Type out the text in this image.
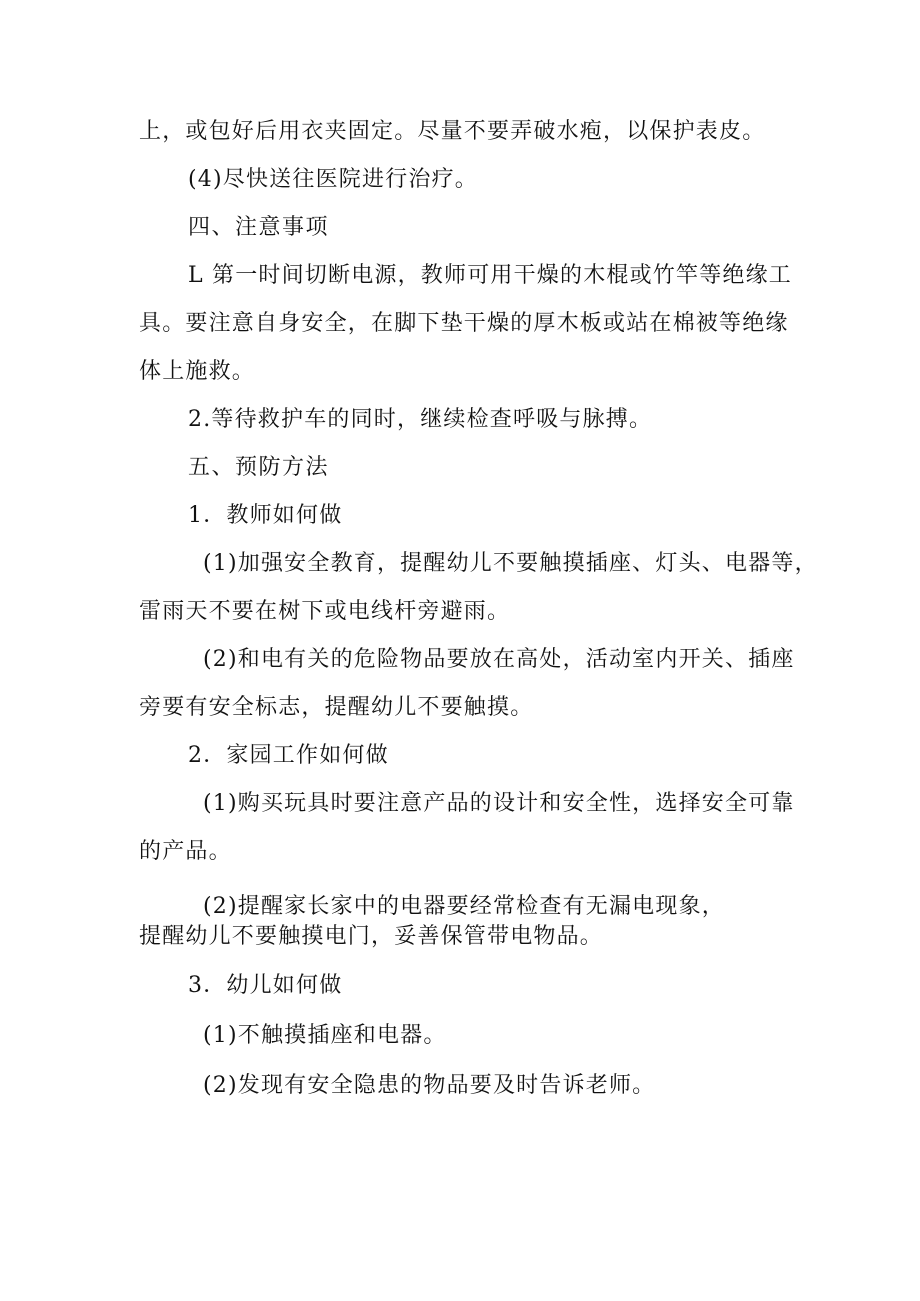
上，或包好后用衣夹固定。尽量不要弄破水疱，以保护表皮。
(4)尽快送往医院进行治疗。
四、注意事项
L 第一时间切断电源，教师可用干燥的木棍或竹竿等绝缘工
具。要注意自身安全，在脚下垫干燥的厚木板或站在棉被等绝缘
体上施救。
2.等待救护车的同时，继续检查呼吸与脉搏。
五、预防方法
1．教师如何做
(1)加强安全教育，提醒幼儿不要触摸插座、灯头、电器等，
雷雨天不要在树下或电线杆旁避雨。
(2)和电有关的危险物品要放在高处，活动室内开关、插座
旁要有安全标志，提醒幼儿不要触摸。
2．家园工作如何做
(1)购买玩具时要注意产品的设计和安全性，选择安全可靠
的产品。
(2)提醒家长家中的电器要经常检查有无漏电现象，
提醒幼儿不要触摸电门，妥善保管带电物品。
3．幼儿如何做
(1)不触摸插座和电器。
(2)发现有安全隐患的物品要及时告诉老师。
